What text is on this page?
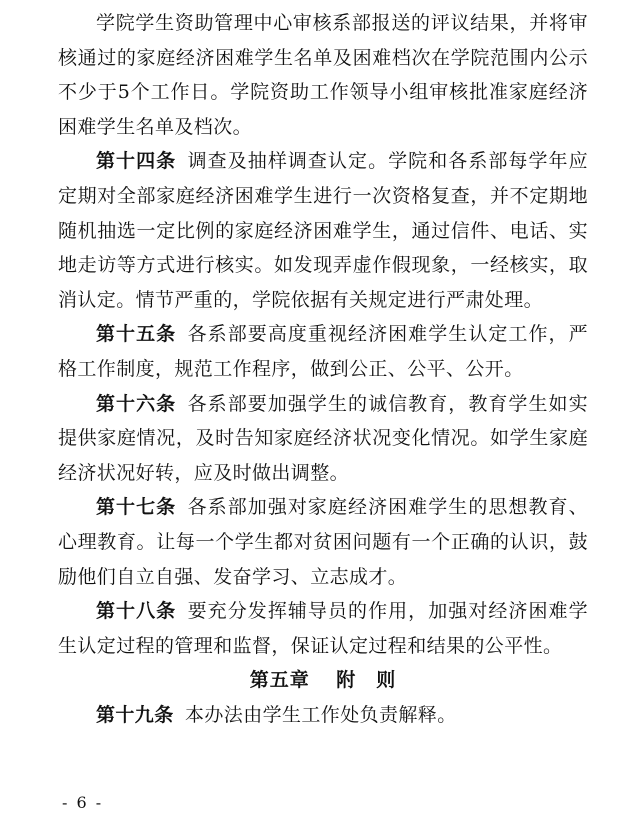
学院学生资助管理中心审核系部报送的评议结果，并将审核通过的家庭经济困难学生名单及困难档次在学院范围内公示不少于5个工作日。学院资助工作领导小组审核批准家庭经济困难学生名单及档次。

第十四条 调查及抽样调查认定。学院和各系部每学年应定期对全部家庭经济困难学生进行一次资格复查，并不定期地随机抽选一定比例的家庭经济困难学生，通过信件、电话、实地走访等方式进行核实。如发现弄虚作假现象，一经核实，取消认定。情节严重的，学院依据有关规定进行严肃处理。

第十五条 各系部要高度重视经济困难学生认定工作，严格工作制度，规范工作程序，做到公正、公平、公开。

第十六条 各系部要加强学生的诚信教育，教育学生如实提供家庭情况，及时告知家庭经济状况变化情况。如学生家庭经济状况好转，应及时做出调整。

第十七条 各系部加强对家庭经济困难学生的思想教育、心理教育。让每一个学生都对贫困问题有一个正确的认识，鼓励他们自立自强、发奋学习、立志成才。

第十八条 要充分发挥辅导员的作用，加强对经济困难学生认定过程的管理和监督，保证认定过程和结果的公平性。

第五章 附　则

第十九条 本办法由学生工作处负责解释。

- 6 -
